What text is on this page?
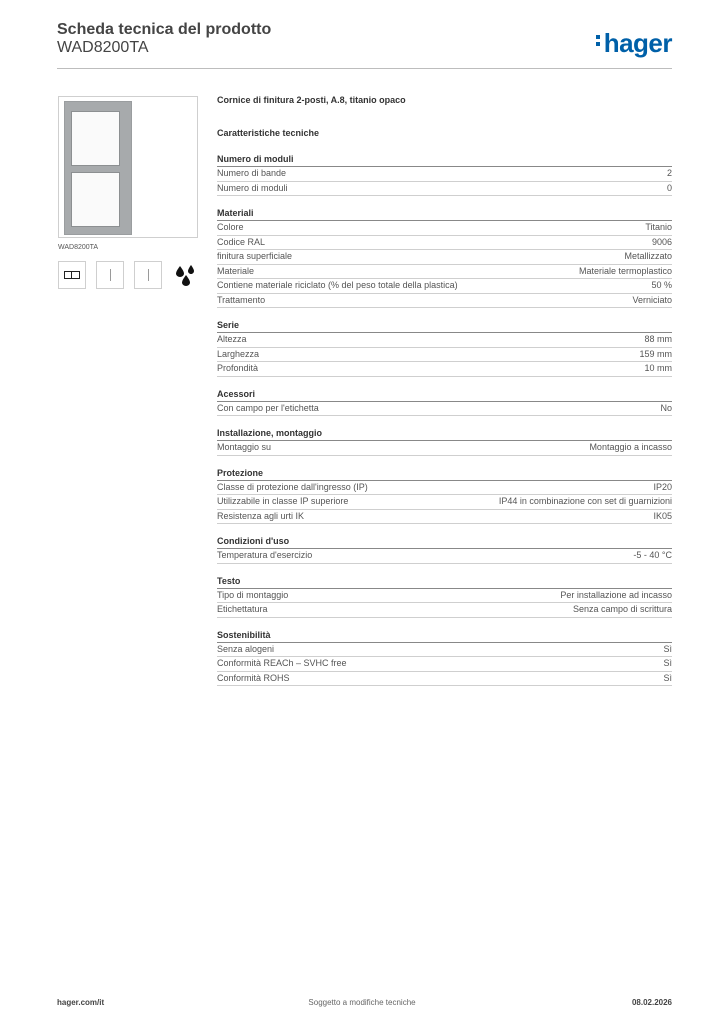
Scheda tecnica del prodotto
WAD8200TA	hager
WAD8200TA
Cornice di finitura 2-posti, A.8, titanio opaco
Caratteristiche tecniche
Numero di moduli
Numero di bande	2
Numero di moduli	0
Materiali
Colore	Titanio
Codice RAL	9006
finitura superficiale	Metallizzato
Materiale	Materiale termoplastico
Contiene materiale riciclato (% del peso totale della plastica)	50 %
Trattamento	Verniciato
Serie
Altezza	88 mm
Larghezza	159 mm
Profondità	10 mm
Acessori
Con campo per l'etichetta	No
Installazione, montaggio
Montaggio su	Montaggio a incasso
Protezione
Classe di protezione dall'ingresso (IP)	IP20
Utilizzabile in classe IP superiore	IP44 in combinazione con set di guarnizioni
Resistenza agli urti IK	IK05
Condizioni d'uso
Temperatura d'esercizio	-5 - 40 °C
Testo
Tipo di montaggio	Per installazione ad incasso
Etichettatura	Senza campo di scrittura
Sostenibilità
Senza alogeni	Sì
Conformità REACh – SVHC free	Sì
Conformità ROHS	Sì
hager.com/it	Soggetto a modifiche tecniche	08.02.2026
